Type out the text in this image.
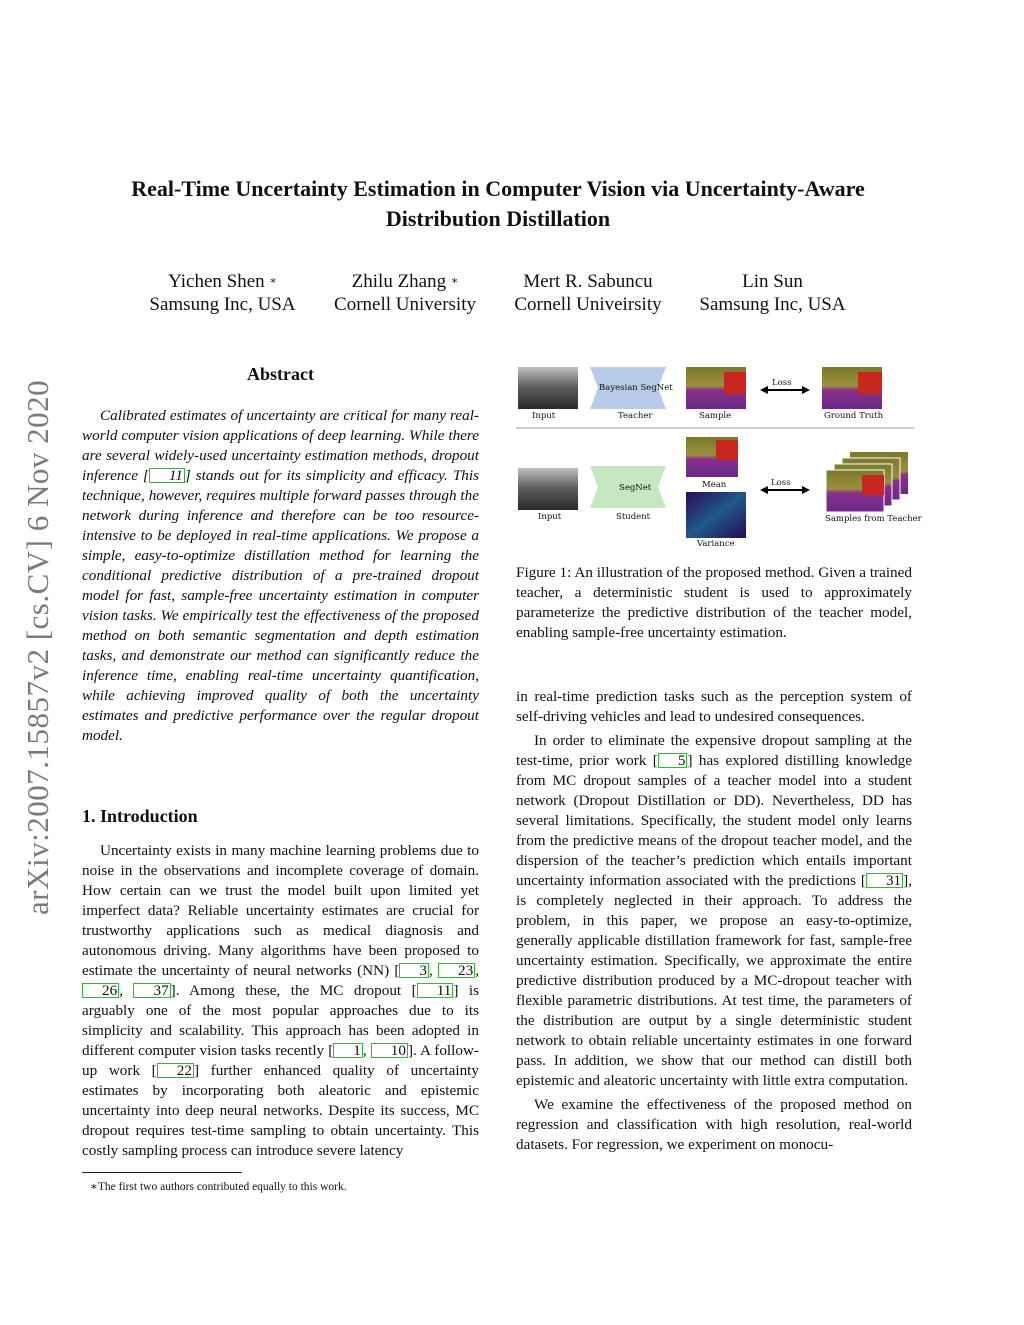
Real-Time Uncertainty Estimation in Computer Vision via Uncertainty-Aware
Distribution Distillation
Yichen Shen ∗
Samsung Inc, USA
Zhilu Zhang ∗
Cornell University
Mert R. Sabuncu
Cornell Univeirsity
Lin Sun
Samsung Inc, USA
arXiv:2007.15857v2 [cs.CV] 6 Nov 2020
Abstract
Calibrated estimates of uncertainty are critical for many real-world computer vision applications of deep learning. While there are several widely-used uncertainty estimation methods, dropout inference [ 11 ] stands out for its simplicity and efficacy. This technique, however, requires multiple forward passes through the network during inference and therefore can be too resource-intensive to be deployed in real-time applications. We propose a simple, easy-to-optimize distillation method for learning the conditional predictive distribution of a pre-trained dropout model for fast, sample-free uncertainty estimation in computer vision tasks. We empirically test the effectiveness of the proposed method on both semantic segmentation and depth estimation tasks, and demonstrate our method can significantly reduce the inference time, enabling real-time uncertainty quantification, while achieving improved quality of both the uncertainty estimates and predictive performance over the regular dropout model.
1. Introduction

Uncertainty exists in many machine learning problems due to noise in the observations and incomplete coverage of domain. How certain can we trust the model built upon limited yet imperfect data? Reliable uncertainty estimates are crucial for trustworthy applications such as medical diagnosis and autonomous driving. Many algorithms have been proposed to estimate the uncertainty of neural networks (NN) [ 3 , 23 , 26 , 37 ]. Among these, the MC dropout [ 11 ] is arguably one of the most popular approaches due to its simplicity and scalability. This approach has been adopted in different computer vision tasks recently [ 1 , 10 ]. A follow-up work [ 22 ] further enhanced quality of uncertainty estimates by incorporating both aleatoric and epistemic uncertainty into deep neural networks. Despite its success, MC dropout requires test-time sampling to obtain uncertainty. This costly sampling process can introduce severe latency

∗The first two authors contributed equally to this work.
Input
Bayesian SegNet
Teacher	Sample
Loss
Ground Truth
Mean
SegNet
Input	Student
Loss
Samples from Teacher
Variance
Figure 1: An illustration of the proposed method. Given a trained teacher, a deterministic student is used to approximately parameterize the predictive distribution of the teacher model, enabling sample-free uncertainty estimation.

in real-time prediction tasks such as the perception system of self-driving vehicles and lead to undesired consequences.

In order to eliminate the expensive dropout sampling at the test-time, prior work [ 5 ] has explored distilling knowledge from MC dropout samples of a teacher model into a student network (Dropout Distillation or DD). Nevertheless, DD has several limitations. Specifically, the student model only learns from the predictive means of the dropout teacher model, and the dispersion of the teacher’s prediction which entails important uncertainty information associated with the predictions [ 31 ], is completely neglected in their approach. To address the problem, in this paper, we propose an easy-to-optimize, generally applicable distillation framework for fast, sample-free uncertainty estimation. Specifically, we approximate the entire predictive distribution produced by a MC-dropout teacher with flexible parametric distributions. At test time, the parameters of the distribution are output by a single deterministic student network to obtain reliable uncertainty estimates in one forward pass. In addition, we show that our method can distill both epistemic and aleatoric uncertainty with little extra computation.

We examine the effectiveness of the proposed method on regression and classification with high resolution, real-world datasets. For regression, we experiment on monocu-
